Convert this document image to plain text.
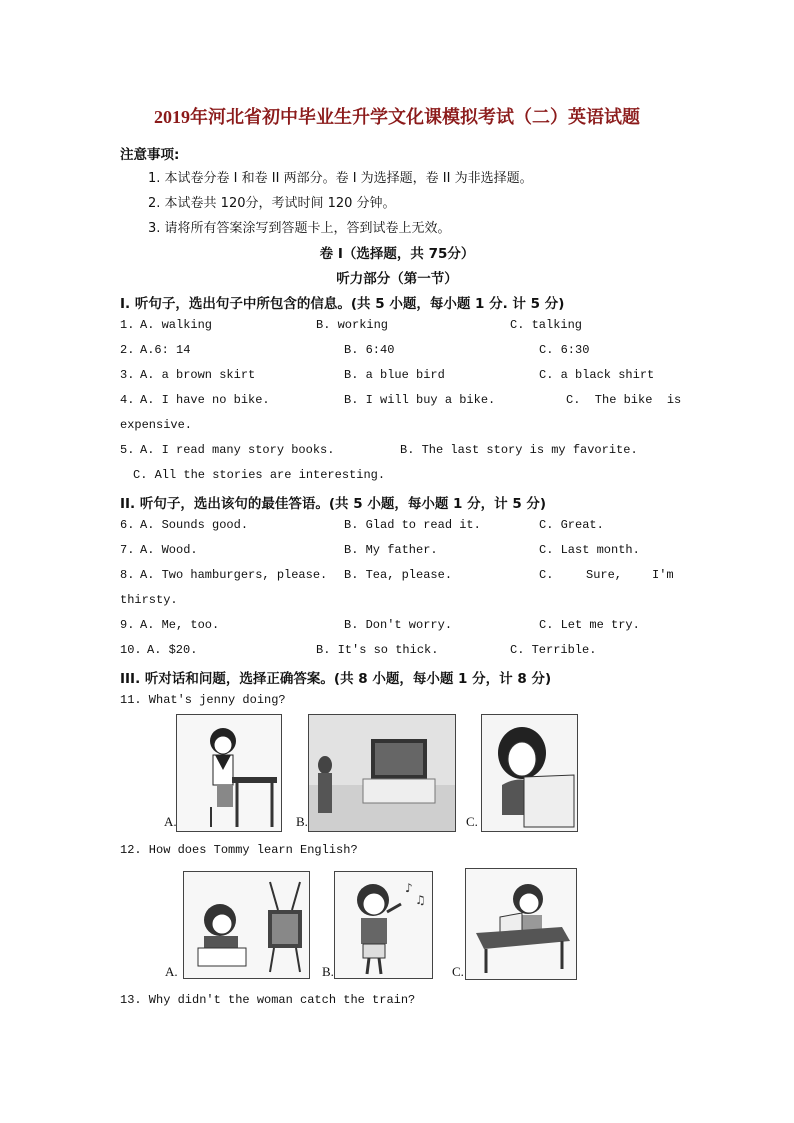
2019年河北省初中毕业生升学文化课模拟考试（二）英语试题
注意事项:
1. 本试卷分卷 I 和卷 II 两部分。卷 I 为选择题，卷 II 为非选择题。
2. 本试卷共 120分，考试时间 120 分钟。
3. 请将所有答案涂写到答题卡上，答到试卷上无效。
卷 I（选择题，共 75分）
听力部分（第一节）
I. 听句子，选出句子中所包含的信息。(共 5 小题，每小题 1 分. 计 5 分)
1. A. walking	B. working	C. talking
2. A.6: 14	B. 6:40	C. 6:30
3. A. a brown skirt	B. a blue bird	C. a black shirt
4. A. I have no bike.	B. I will buy a bike.	C.  The bike  is
expensive.
5. A. I read many story books.	B. The last story is my favorite.
C. All the stories are interesting.
II. 听句子，选出该句的最佳答语。(共 5 小题，每小题 1 分，计 5 分)
6. A. Sounds good.	B. Glad to read it.	C. Great.
7. A. Wood.	B. My father.	C. Last month.
8. A. Two hamburgers, please. B. Tea, please.	C.	Sure, I'm
thirsty.
9. A. Me, too.	B. Don't worry.	C. Let me try.
10. A. $20.	B. It's so thick.	C. Terrible.
III. 听对话和问题，选择正确答案。(共 8 小题，每小题 1 分，计 8 分)
11. What's jenny doing?
A.	B.	C.
12. How does Tommy learn English?
A.
♪
♫
B.	C.
13. Why didn't the woman catch the train?
